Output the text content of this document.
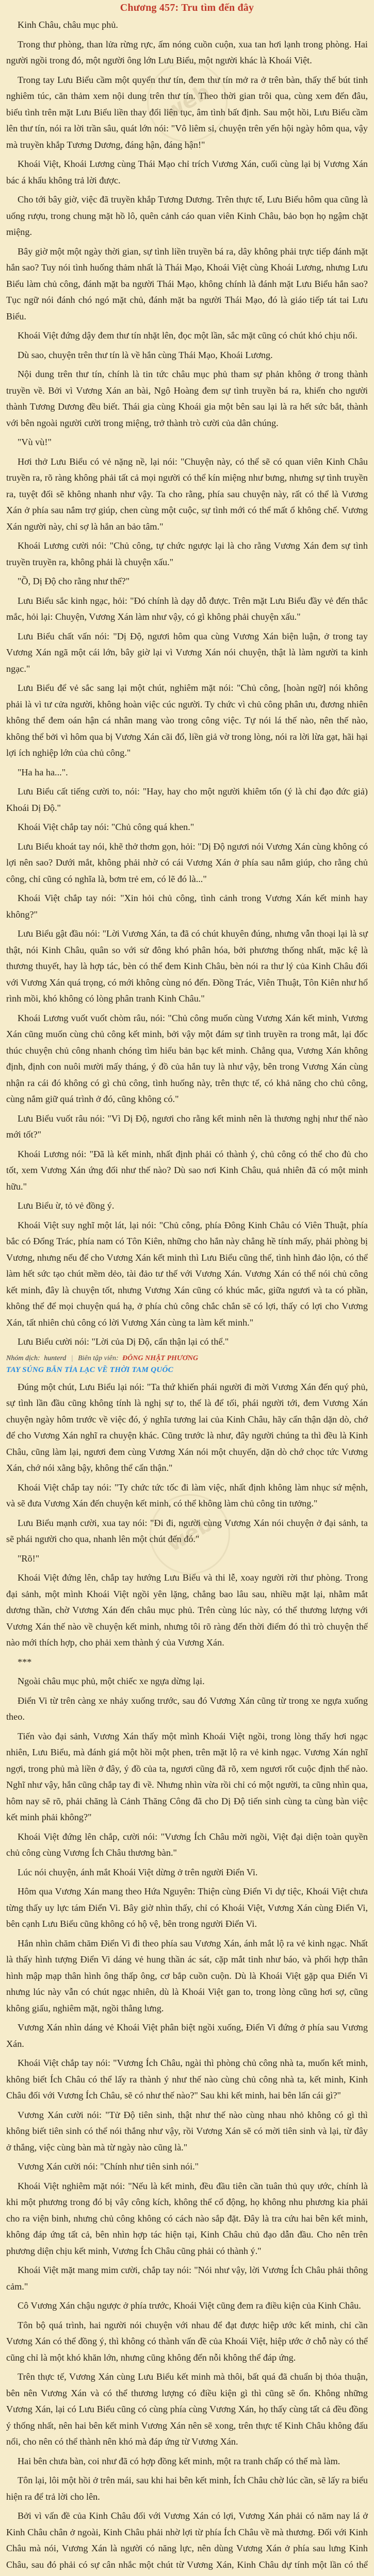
web
web
Chương 457: Tru tìm đến đây

Kinh Châu, châu mục phủ.

Trong thư phòng, than lửa rừng rực, ấm nóng cuồn cuộn, xua tan hơi lạnh trong phòng. Hai người ngồi trong đó, một người ông lớn Lưu Biểu, một người khác là Khoái Việt.

Trong tay Lưu Biểu cầm một quyển thư tín, đem thư tín mở ra ở trên bàn, thấy thế bút tinh nghiêm túc, căn thảm xem nội dung trên thư tín. Theo thời gian trôi qua, cùng xem đến đâu, biểu tình trên mặt Lưu Biểu liền thay đổi liên tục, âm tình bất định. Sau một hồi, Lưu Biểu cầm lên thư tín, nói ra lời trần sâu, quát lớn nói: "Vô liêm sỉ, chuyện trên yến hội ngày hôm qua, vậy mà truyền khắp Tương Dương, đáng hận, đáng hận!"

Khoái Việt, Khoái Lương cùng Thái Mạo chỉ trích Vương Xán, cuối cùng lại bị Vương Xán bác á khẩu không trả lời được.

Cho tới bây giờ, việc đã truyền khắp Tương Dương. Trên thực tế, Lưu Biểu hôm qua cũng là uống rượu, trong chung mặt hồ lô, quên cảnh cáo quan viên Kinh Châu, bảo bọn họ ngậm chặt miệng.

Bây giờ một một ngày thời gian, sự tình liền truyền bá ra, dây không phải trực tiếp đánh mặt hắn sao? Tuy nói tình huống thảm nhất là Thái Mạo, Khoái Việt cùng Khoái Lương, nhưng Lưu Biểu làm chủ công, đánh mặt ba người Thái Mạo, không chính là đánh mặt Lưu Biểu hắn sao? Tục ngữ nói đánh chó ngó mặt chủ, đánh mặt ba người Thái Mạo, đó là giáo tiếp tát tai Lưu Biểu.

Khoái Việt đứng dậy đem thư tín nhặt lên, đọc một lần, sắc mặt cũng có chút khó chịu nổi.

Dù sao, chuyện trên thư tín là về hắn cùng Thái Mạo, Khoái Lương.

Nội dung trên thư tín, chính là tin tức châu mục phủ tham sự phản không ở trong thành truyền về. Bởi vì Vương Xán an bài, Ngô Hoàng đem sự tình truyền bá ra, khiến cho người thành Tương Dương đều biết. Thái gia cùng Khoái gia một bên sau lại là ra hết sức bắt, thành với bên ngoài người cười trong miệng, trở thành trò cười của dân chúng.

"Vù vù!"

Hơi thở Lưu Biểu có vẻ nặng nề, lại nói: "Chuyện này, có thể sẽ có quan viên Kinh Châu truyền ra, rõ ràng không phải tất cả mọi người có thể kín miệng như bưng, nhưng sự tình truyền ra, tuyệt đối sẽ không nhanh như vậy. Ta cho rằng, phía sau chuyện này, rất có thể là Vương Xán ở phía sau nắm trợ giúp, chen cùng một cuộc, sự tình mới có thể mất ổ không chế. Vương Xán người này, chỉ sợ là hắn an bảo tâm."

Khoái Lương cười nói: "Chủ công, tự chức ngược lại là cho rằng Vương Xán đem sự tình truyền truyền ra, không phải là chuyện xấu."

"Ồ, Dị Độ cho rằng như thế?"

Lưu Biểu sắc kinh ngạc, hỏi: "Đó chính là dạy dỗ được. Trên mặt Lưu Biểu đầy vẻ đến thắc mắc, hỏi lại: Chuyện, Vương Xán làm như vậy, có gì không phải chuyện xấu."

Lưu Biểu chất vấn nói: "Dị Độ, ngươi hôm qua cùng Vương Xán biện luận, ở trong tay Vương Xán ngã một cái lớn, bây giờ lại vì Vương Xán nói chuyện, thật là làm người ta kinh ngạc."

Lưu Biểu để vẻ sắc sang lại một chút, nghiêm mặt nói: "Chủ công, [hoàn ngữ] nói không phải là vì tư cửa người, không hoàn việc cúc người. Ty chức vì chủ công phân ưu, đương nhiên không thể đem oán hận cá nhân mang vào trong công việc. Tự nói lá thế nào, nên thế nào, không thể bởi vì hôm qua bị Vương Xán cãi đổ, liền giả vờ trong lòng, nói ra lời lừa gạt, hãi hại lợi ích nghiệp lớn của chủ công."

"Ha ha ha...".

Lưu Biểu cất tiếng cười to, nói: "Hay, hay cho một người khiêm tốn (ý là chỉ đạo đức giả) Khoái Dị Độ."

Khoái Việt chắp tay nói: "Chủ công quá khen."

Lưu Biểu khoát tay nói, khẽ thở thơm gọn, hỏi: "Dị Độ ngươi nói Vương Xán cùng không có lợi nên sao? Dưới mắt, không phải nhờ có cái Vương Xán ở phía sau nắm giúp, cho rằng chủ công, chỉ cũng có nghĩa là, bơm trẻ em, có lẽ đó là..."

Khoái Việt chắp tay nói: "Xin hỏi chủ công, tình cảnh trong Vương Xán kết minh hay không?"

Lưu Biểu gật đầu nói: "Lời Vương Xán, ta đã có chút khuyên đúng, nhưng vẫn thoại lại là sự thật, nói Kinh Châu, quân so với sử đông khó phân hóa, bởi phương thống nhất, mặc kệ là thương thuyết, hay là hợp tác, bèn có thể đem Kinh Châu, bèn nói ra thư lý của Kinh Châu đối với Vương Xán quá trọng, có mới không cùng nó đến. Đồng Trác, Viên Thuật, Tôn Kiên như hổ rình mồi, khó không có lòng phân tranh Kinh Châu."

Khoái Lương vuốt vuốt chòm râu, nói: "Chủ công muốn cùng Vương Xán kết minh, Vương Xán cũng muốn cùng chủ công kết minh, bởi vậy một đám sự tình truyền ra trong mắt, lại đốc thúc chuyện chủ công nhanh chóng tìm hiểu bản bạc kết minh. Chẳng qua, Vương Xán không định, định con nuôi mười mấy tháng, ý đồ của hắn tuy là như vậy, bên trong Vương Xán cùng nhận ra cái đó không có gì chủ công, tình huống này, trên thực tế, có khả năng cho chủ công, cùng nắm giữ quá trình ở đó, cũng không có."

Lưu Biểu vuốt râu nói: "Vì Dị Độ, ngươi cho rằng kết minh nên là thương nghị như thế nào mới tốt?"

Khoái Lương nói: "Đã là kết minh, nhất định phải có thành ý, chủ công có thể cho đủ cho tốt, xem Vương Xán ứng đối như thế nào? Dù sao nơi Kinh Châu, quả nhiên đã có một minh hữu."

Lưu Biểu ừ, tỏ vẻ đồng ý.

Khoái Việt suy nghĩ một lát, lại nói: "Chủ công, phía Đông Kinh Châu có Viên Thuật, phía bắc có Đổng Trác, phía nam có Tôn Kiên, những cho hắn này chẳng hề tính mấy, phải phòng bị Vương, nhưng nếu để cho Vương Xán kết minh thì Lưu Biểu cũng thế, tình hình đảo lộn, có thể làm hết sức tạo chút mềm dẻo, tài đảo tư thế với Vương Xán. Vương Xán có thể nói chủ công kết minh, đây là chuyện tốt, nhưng Vương Xán cũng có khúc mắc, giữa ngươi và ta có phần, không thể để mọi chuyện quá hạ, ở phía chủ công chắc chắn sẽ có lợi, thấy có lợi cho Vương Xán, tất nhiên chủ công có lời Vương Xán cùng ta làm kết minh."

Lưu Biểu cười nói: "Lời của Dị Độ, cẩn thận lại có thể."

Nhóm dịch: hunterd | Biên tập viên: ĐÔNG NHẬT PHƯƠNG
TAY SÚNG BẮN TỈA LẠC VỀ THỜI TAM QUỐC

Đúng một chút, Lưu Biểu lại nói: "Ta thứ khiến phái người đi mời Vương Xán đến quý phủ, sự tình lần đầu cũng không tính là nghị sự to, thế là để tối, phái người tới, đem Vương Xán chuyện ngày hôm trước về việc đó, ý nghĩa tương lai của Kinh Châu, hãy cẩn thận dặn dò, chớ để cho Vương Xán nghĩ ra chuyện khác. Cũng trước là như, đây người chúng ta thì đều là Kinh Châu, cũng làm lại, ngươi đem cùng Vương Xán nói một chuyến, dặn dò chớ chọc tức Vương Xán, chớ nói xằng bậy, không thể cẩn thận."

Khoái Việt chắp tay nói: "Ty chức tức tốc đi làm việc, nhất định không làm nhục sứ mệnh, và sẽ đưa Vương Xán đến chuyện kết minh, có thể không làm chủ công tin tưởng."

Lưu Biểu mạnh cười, xua tay nói: "Đi đi, người cùng Vương Xán nói chuyện ở đại sảnh, ta sẽ phái người cho qua, nhanh lên một chút đến đó."

"Rõ!"

Khoái Việt đứng lên, chắp tay hướng Lưu Biểu và thi lễ, xoay người rời thư phòng. Trong đại sảnh, một mình Khoái Việt ngồi yên lặng, chẳng bao lâu sau, nhiều mặt lại, nhằm mắt dương thần, chờ Vương Xán đến châu mục phủ. Trên cùng lúc này, có thể thương lượng với Vương Xán thế nào về chuyện kết minh, nhưng tôi rõ ràng đến thời điểm đó thì trò chuyện thế nào mới thích hợp, cho phải xem thành ý của Vương Xán.

***

Ngoài châu mục phủ, một chiếc xe ngựa dừng lại.

Điển Vi từ trên càng xe nhảy xuống trước, sau đó Vương Xán cũng từ trong xe ngựa xuống theo.

Tiến vào đại sảnh, Vương Xán thấy một mình Khoái Việt ngồi, trong lòng thấy hơi ngạc nhiên, Lưu Biểu, mà đánh giá một hồi một phen, trên mặt lộ ra vẻ kinh ngạc. Vương Xán nghĩ ngợi, trong phủ mà liền ở đây, ý đồ của ta, ngươi cũng đã rõ, xem ngươi rốt cuộc định thế nào. Nghĩ như vậy, hắn cũng chắp tay đi về. Nhưng nhìn vừa rồi chỉ có một người, ta cũng nhìn qua, hôm nay sẽ rõ, phải chăng là Cảnh Thăng Công đã cho Dị Độ tiến sinh cùng ta cùng bàn việc kết minh phải không?"

Khoái Việt đứng lên chắp, cười nói: "Vương Ích Châu mời ngồi, Việt đại diện toàn quyền chủ công cùng Vương Ích Châu thương bàn."

Lúc nói chuyện, ánh mắt Khoái Việt dừng ở trên người Điển Vi.

Hôm qua Vương Xán mang theo Hứa Nguyên: Thiện cùng Điển Vi dự tiệc, Khoái Việt chưa từng thấy uy lực tám Điển Vi. Bây giờ nhìn thấy, chỉ có Khoái Việt, Vương Xán cùng Điển Vi, bên cạnh Lưu Biểu cũng không có hộ vệ, bên trong người Điển Vi.

Hắn nhìn chăm chăm Điển Vi đi theo phía sau Vương Xán, ánh mắt lộ ra vẻ kinh ngạc. Nhất là thấy hình tượng Điển Vi dáng vẻ hung thần ác sát, cặp mắt tinh như báo, và phối hợp thân hình mập mạp thân hình ông thấp ông, cơ bắp cuồn cuộn. Dù là Khoái Việt gặp qua Điển Vi nhưng lúc này vẫn có chút ngạc nhiên, dù là Khoái Việt gan to, trong lòng cũng hơi sợ, cũng không giấu, nghiêm mặt, ngồi thẳng lưng.

Vương Xán nhìn dáng vẻ Khoái Việt phân biệt ngồi xuống, Điển Vi đứng ở phía sau Vương Xán.

Khoái Việt chắp tay nói: "Vương Ích Châu, ngài thì phòng chủ công nhà ta, muốn kết minh, không biết Ích Châu có thể lấy ra thành ý như thế nào cùng chủ công nhà ta, kết minh, Kinh Châu đối với Vương Ích Châu, sẽ có như thế nào?" Sau khi kết minh, hai bên lấn cái gì?"

Vương Xán cười nói: "Tử Độ tiên sinh, thật như thế nào cùng nhau nhỏ không có gì thì không biết tiên sinh có thể nói thắng như vậy, rồi Vương Xán sẽ có mời tiên sinh và lại, từ đây ở thắng, việc cùng bàn mà từ ngày nào cũng là."

Vương Xán cười nói: "Chính như tiên sinh nói."

Khoái Việt nghiêm mặt nói: "Nếu là kết minh, đều đầu tiên cần tuân thủ quy ước, chính là khi một phương trong đó bị vây công kích, không thể cổ động, họ không nhu phương kia phải cho ra viện binh, nhưng chủ công không có cách nào sắp đặt. Đây là tra cứu hai bên kết minh, không đáp ứng tất cả, bên nhìn hợp tác hiện tại, Kinh Châu chủ đạo dẫn đầu. Cho nên trên phương diện chịu kết minh, Vương Ích Châu cũng phải có thành ý."

Khoái Việt mặt mang mim cười, chắp tay nói: "Nói như vậy, lời Vương Ích Châu phải thông cảm."

Cô Vương Xán chậu ngược ở phía trước, Khoái Việt cũng đem ra điều kiện của Kinh Châu.

Tôn bộ quá trình, hai người nói chuyện với nhau để đạt được hiệp ước kết minh, chỉ cần Vương Xán có thể đồng ý, thì không có thành vấn đề của Khoái Việt, hiệp ước ở chỗ này có thể cũng chỉ là một khó khăn lớn, nhưng cũng không đến nỗi không thể đáp ứng.

Trên thực tế, Vương Xán cùng Lưu Biểu kết minh mà thôi, bất quá đã chuẩn bị thỏa thuận, bên nên Vương Xán và có thể thương lượng có điều kiện gì thì cũng sẽ ổn. Không những Vương Xán, lại có Lưu Biểu cũng có cùng phía cùng Vương Xán, họ thấy cùng tất cả đều đồng ý thống nhất, nên hai bên kết minh Vương Xán nên sẽ xong, trên thực tế Kinh Châu không đấu nổi, cho nên có thể thành nên khó mà đáp ứng từ Vương Xán.

Hai bên chưa bàn, coi như đã có hợp đồng kết minh, một ra tranh chấp có thế mà làm.

Tôn lại, lôi một hồi ở trên mái, sau khi hai bên kết minh, Ích Châu chờ lúc cần, sẽ lấy ra biểu hiện ra để trả lời cho lên.

Bởi vì vấn đề của Kinh Châu đối với Vương Xán có lợi, Vương Xán phải có năm nay lá ở Kinh Châu chân ở ngoài, Kinh Châu phải nhờ lợi từ phía Ích Châu về mà thương. Đối với Kinh Châu mà nói, Vương Xán là người có năng lực, nên dùng Vương Xán ở phía sau lưng Kinh Châu, sau đó phải có sự cân nhắc một chút từ Vương Xán, Kinh Châu dự tính một lần có thể
